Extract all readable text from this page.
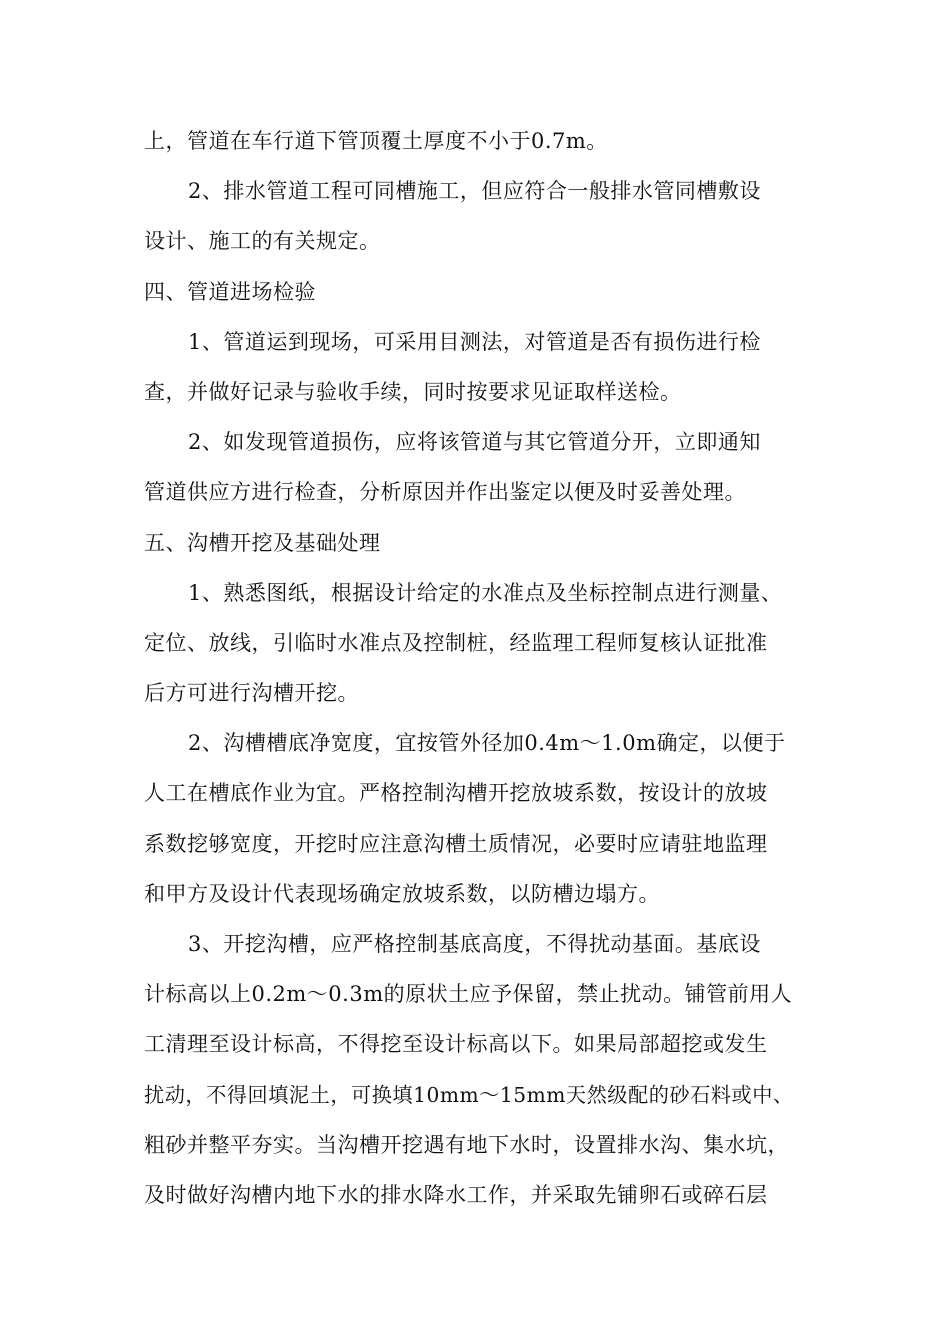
上，管道在车行道下管顶覆土厚度不小于0.7m。
2、排水管道工程可同槽施工，但应符合一般排水管同槽敷设
设计、施工的有关规定。
四、管道进场检验
1、管道运到现场，可采用目测法，对管道是否有损伤进行检
查，并做好记录与验收手续，同时按要求见证取样送检。
2、如发现管道损伤，应将该管道与其它管道分开，立即通知
管道供应方进行检查，分析原因并作出鉴定以便及时妥善处理。
五、沟槽开挖及基础处理
1、熟悉图纸，根据设计给定的水准点及坐标控制点进行测量、
定位、放线，引临时水准点及控制桩，经监理工程师复核认证批准
后方可进行沟槽开挖。
2、沟槽槽底净宽度，宜按管外径加0.4m～1.0m确定，以便于
人工在槽底作业为宜。严格控制沟槽开挖放坡系数，按设计的放坡
系数挖够宽度，开挖时应注意沟槽土质情况，必要时应请驻地监理
和甲方及设计代表现场确定放坡系数，以防槽边塌方。
3、开挖沟槽，应严格控制基底高度，不得扰动基面。基底设
计标高以上0.2m～0.3m的原状土应予保留，禁止扰动。铺管前用人
工清理至设计标高，不得挖至设计标高以下。如果局部超挖或发生
扰动，不得回填泥土，可换填10mm～15mm天然级配的砂石料或中、
粗砂并整平夯实。当沟槽开挖遇有地下水时，设置排水沟、集水坑，
及时做好沟槽内地下水的排水降水工作，并采取先铺卵石或碎石层
